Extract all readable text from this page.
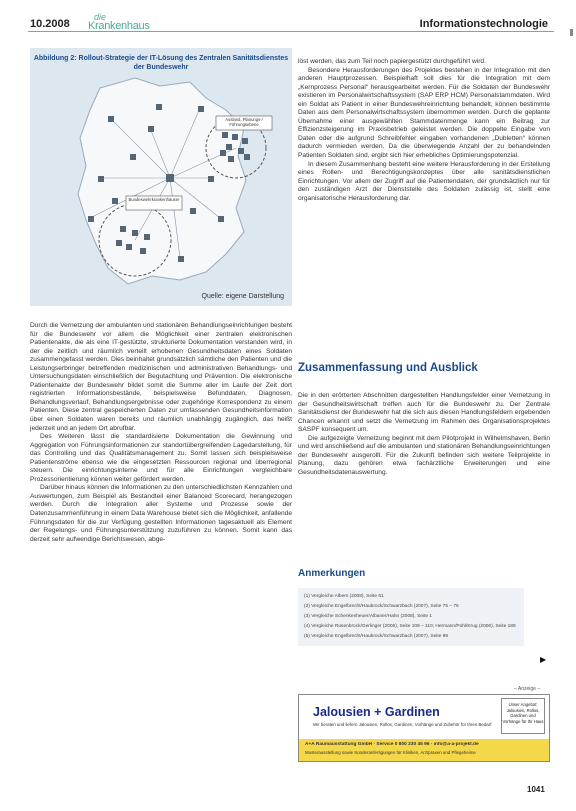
10.2008
die
Krankenhaus	Informationstechnologie
Abbildung 2: Rollout-Strategie der IT-Lösung des Zentralen Sanitätsdienstes der Bundeswehr
Ausland, Planungs-/ Führungsebene
Bundeswehrkrankenhäuser
Quelle: eigene Darstellung

Durch die Vernetzung der ambulanten und stationären Behandlungseinrichtungen besteht für die Bundeswehr vor allem die Möglichkeit einer zentralen elektronischen Patientenakte, die als eine IT-gestützte, strukturierte Dokumentation verstanden wird, in der die zeitlich und räumlich verteilt erhobenen Gesundheitsdaten eines Soldaten zusammengefasst werden. Dies beinhaltet grundsätzlich sämtliche den Patienten und die Leistungserbringer betreffenden medizinischen und administrativen Behandlungs- und Untersuchungsdaten einschließlich der Begutachtung und Prävention. Die elektronische Patientenakte der Bundeswehr bildet somit die Summe aller im Laufe der Zeit dort registrierten Informationsbestände, beispielsweise Befunddaten, Diagnosen, Behandlungsverlauf, Behandlungsergebnisse oder zugehörige Korrespondenz zu einem Patienten. Diese zentral gespeicherten Daten zur umfassenden Gesundheitsinformation über einen Soldaten waren bereits und räumlich unabhängig zugänglich, das heißt jederzeit und an jedem Ort abrufbar.

Des Weiteren lässt die standardisierte Dokumentation die Gewinnung und Aggregation von Führungsinformationen zur standortübergreifenden Lagedarstellung, für das Controlling und das Qualitätsmanagement zu. Somit lassen sich beispielsweise Patientenströme ebenso wie die eingesetzten Ressourcen regional und überregional steuern. Die einrichtungsinterne und für alle Einrichtungen vergleichbare Prozessorientierung können weiter gefördert werden.

Darüber hinaus können die Informationen zu den unterschiedlichsten Kennzahlen und Auswertungen, zum Beispiel als Bestandteil einer Balanced Scorecard, herangezogen werden. Durch die Integration aller Systeme und Prozesse sowie der Datenzusammenführung in einem Data Warehouse bietet sich die Möglichkeit, anfallende Führungsdaten für die zur Verfügung gestellten Informationen tagesaktuell als Element der Regelungs- und Führungsunterstützung zuzuführen zu können. Somit kann das derzeit sehr aufwendige Berichtswesen, abge-

löst werden, das zum Teil noch papiergestützt durchgeführt wird.

Besondere Herausforderungen des Projektes bestehen in der Integration mit den anderen Hauptprozessen. Beispielhaft soll dies für die Integration mit dem „Kernprozess Personal“ herausgearbeitet werden. Für die Soldaten der Bundeswehr existieren im Personalwirtschaftssystem (SAP ERP HCM) Personalstammdaten. Wird ein Soldat als Patient in einer Bundeswehreinrichtung behandelt, können bestimmte Daten aus dem Personalwirtschaftssystem übernommen werden. Durch die geplante Übernahme einer ausgewählten Stammdatenmenge kann ein Beitrag zur Effizienzsteigerung im Praxisbetrieb geleistet werden. Die doppelte Eingabe von Daten oder die aufgrund Schreibfehler eingaben vorhandenen „Dubletten“ können dadurch vermieden werden. Da die überwiegende Anzahl der zu behandelnden Patienten Soldaten sind, ergibt sich hier erhebliches Optimierungspotenzial.

In diesem Zusammenhang besteht eine weitere Herausforderung in der Erstellung eines Rollen- und Berechtigungskonzeptes über alle sanitätsdienstlichen Einrichtungen. Vor allem der Zugriff auf die Patientendaten, der grundsätzlich nur für den zuständigen Arzt der Dienststelle des Soldaten zulässig ist, stellt eine organisatorische Herausforderung dar.

Zusammenfassung und Ausblick

Die in den erörterten Abschnitten dargestellten Handlungsfelder einer Vernetzung in der Gesundheitswirtschaft treffen auch für die Bundeswehr zu. Der Zentrale Sanitätsdienst der Bundeswehr hat die sich aus diesen Handlungsfeldern ergebenden Chancen erkannt und setzt die Vernetzung im Rahmen des Organisationsprojektes SASPF konsequent um.

Die aufgezeigte Vernetzung beginnt mit dem Pilotprojekt in Wilhelmshaven, Berlin und wird anschließend auf die ambulanten und stationären Behandlungseinrichtungen der Bundeswehr ausgerollt. Für die Zukunft befinden sich weitere Teilprojekte in Planung, dazu gehören etwa fachärztliche Erweiterungen und eine Gesundheitsdatenauswertung.

Anmerkungen
(1) Vergleiche Albers (2008), Seite 61
(2) Vergleiche Engelbrecht/Haubrock/Schwarzbach (2007), Seite 75 – 76
(3) Vergleiche Schenkenheuer/Albaner/Hahn (2008), Seite 1
(4) Vergleiche Rosenbrock/Gerlinger (2006), Seite 109 – 110; Hermann/Pohl/Krug (2006), Seite 189
(5) Vergleiche Engelbrecht/Haubrock/Schwarzbach (2007), Seite 99
▶
– Anzeige –
Jalousien + Gardinen
Unser Angebot: Jalousien, Rollos, Gardinen und Vorhänge für Ihr Haus
Wir beraten und liefern Jalousien, Rollos, Gardinen, Vorhänge und Zubehör für Ihren Bedarf
A+A Raumausstattung GmbH · Service 0 800 230 45 96 · info@a-a-projekt.de
Musterausstellung sowie Sonderanfertigungen für Kliniken, Arztpraxen und Pflegeheime
1041
